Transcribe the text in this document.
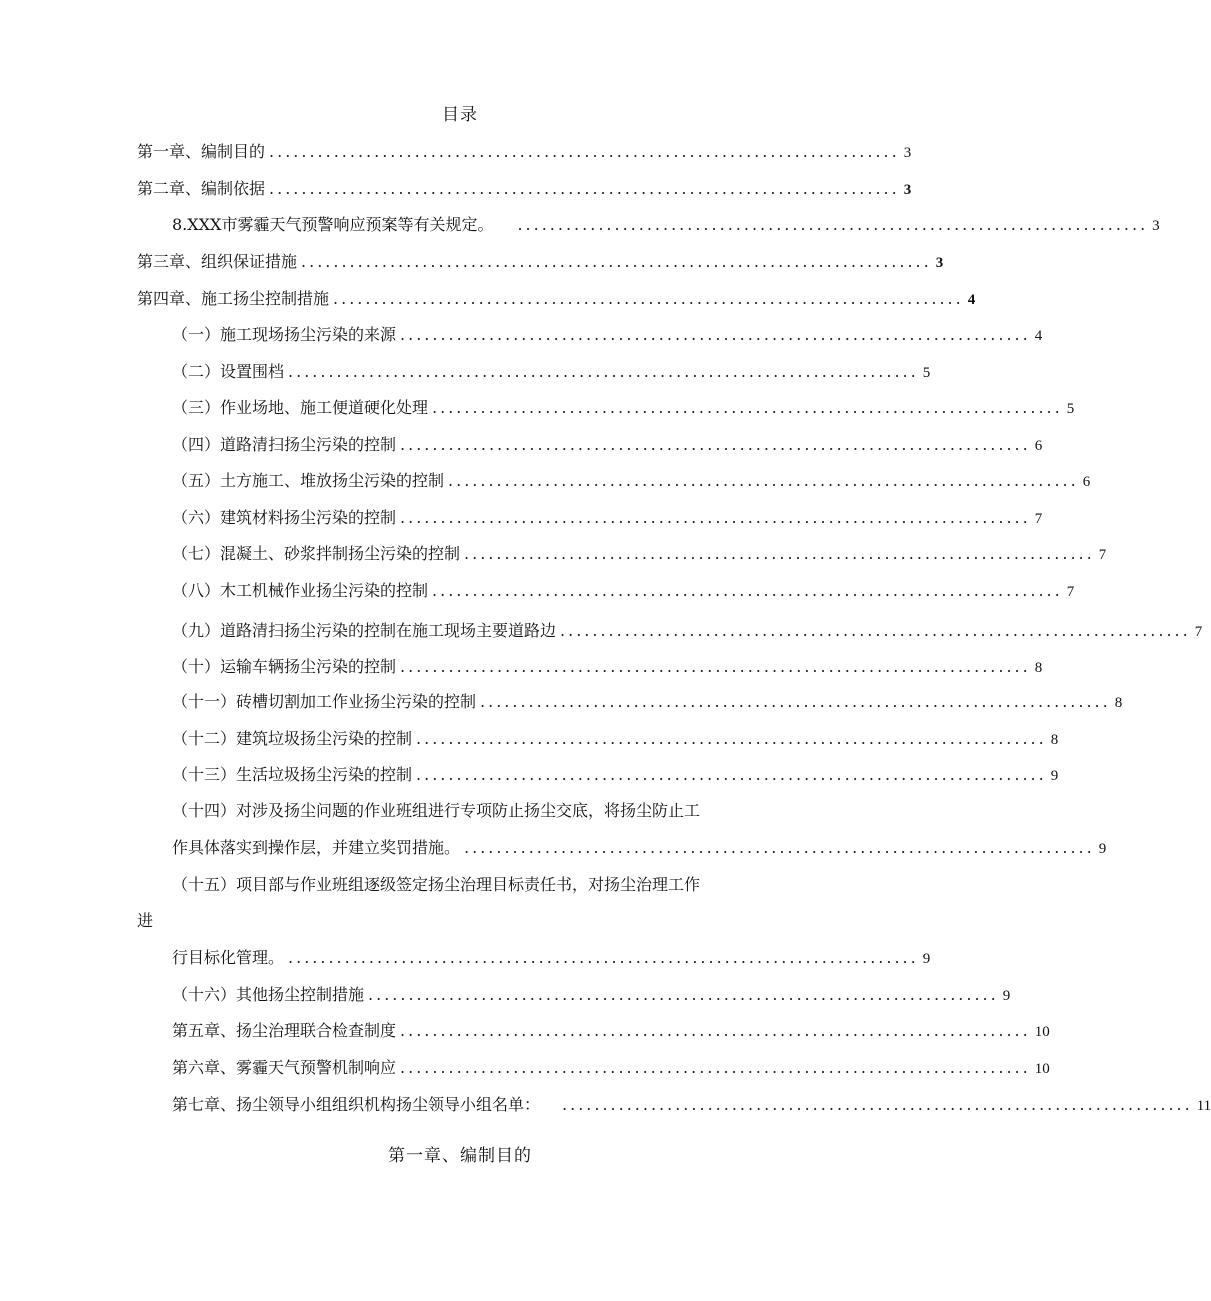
目录
第一章、编制目的 .............................................................................. 3
第二章、编制依据 .............................................................................. 3
8.XXX市雾霾天气预警响应预案等有关规定。 .............................................................................. 3
第三章、组织保证措施 .............................................................................. 3
第四章、施工扬尘控制措施 .............................................................................. 4
（一）施工现场扬尘污染的来源 .............................................................................. 4
（二）设置围档 .............................................................................. 5
（三）作业场地、施工便道硬化处理 .............................................................................. 5
（四）道路清扫扬尘污染的控制 .............................................................................. 6
（五）土方施工、堆放扬尘污染的控制 .............................................................................. 6
（六）建筑材料扬尘污染的控制 .............................................................................. 7
（七）混凝土、砂浆拌制扬尘污染的控制 .............................................................................. 7
（八）木工机械作业扬尘污染的控制 .............................................................................. 7
（九）道路清扫扬尘污染的控制在施工现场主要道路边 .............................................................................. 7
（十）运输车辆扬尘污染的控制 .............................................................................. 8
（十一）砖槽切割加工作业扬尘污染的控制 .............................................................................. 8
（十二）建筑垃圾扬尘污染的控制 .............................................................................. 8
（十三）生活垃圾扬尘污染的控制 .............................................................................. 9
（十四）对涉及扬尘问题的作业班组进行专项防止扬尘交底，将扬尘防止工
作具体落实到操作层，并建立奖罚措施。 .............................................................................. 9
（十五）项目部与作业班组逐级签定扬尘治理目标责任书，对扬尘治理工作
进
行目标化管理。 .............................................................................. 9
（十六）其他扬尘控制措施 .............................................................................. 9
第五章、扬尘治理联合检查制度 .............................................................................. 10
第六章、雾霾天气预警机制响应 .............................................................................. 10
第七章、扬尘领导小组组织机构扬尘领导小组名单： .............................................................................. 11
第一章、编制目的
